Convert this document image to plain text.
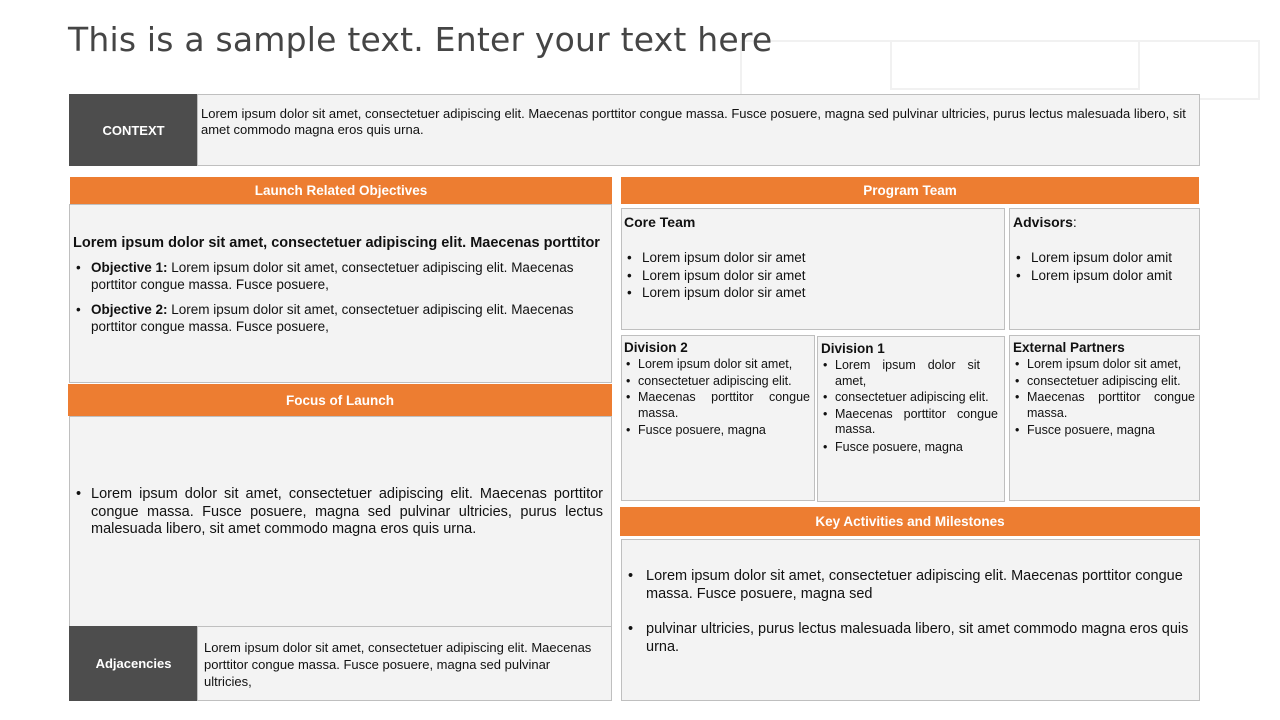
This is a sample text. Enter your text here
CONTEXT
Lorem ipsum dolor sit amet, consectetuer adipiscing elit. Maecenas porttitor congue massa. Fusce posuere, magna sed pulvinar ultricies, purus lectus malesuada libero, sit amet commodo magna eros quis urna.
Launch Related Objectives
Lorem ipsum dolor sit amet, consectetuer adipiscing elit. Maecenas porttitor
• Objective 1: Lorem ipsum dolor sit amet, consectetuer adipiscing elit. Maecenas porttitor congue massa. Fusce posuere,
• Objective 2: Lorem ipsum dolor sit amet, consectetuer adipiscing elit. Maecenas porttitor congue massa. Fusce posuere,
Focus of Launch
• Lorem ipsum dolor sit amet, consectetuer adipiscing elit. Maecenas porttitor congue massa. Fusce posuere, magna sed pulvinar ultricies, purus lectus malesuada libero, sit amet commodo magna eros quis urna.
Adjacencies
Lorem ipsum dolor sit amet, consectetuer adipiscing elit. Maecenas porttitor congue massa. Fusce posuere, magna sed pulvinar ultricies,
Program Team
Core Team
• Lorem ipsum dolor sir amet
• Lorem ipsum dolor sir amet
• Lorem ipsum dolor sir amet
Advisors:
• Lorem ipsum dolor amit
• Lorem ipsum dolor amit
Division 2
• Lorem ipsum dolor sit amet,
• consectetuer adipiscing elit.
• Maecenas porttitor congue massa.
• Fusce posuere, magna
Division 1
• Lorem ipsum dolor sit amet,
• consectetuer adipiscing elit.
• Maecenas porttitor congue massa.
• Fusce posuere, magna
External Partners
• Lorem ipsum dolor sit amet,
• consectetuer adipiscing elit.
• Maecenas porttitor congue massa.
• Fusce posuere, magna
Key Activities and Milestones
• Lorem ipsum dolor sit amet, consectetuer adipiscing elit. Maecenas porttitor congue massa. Fusce posuere, magna sed
• pulvinar ultricies, purus lectus malesuada libero, sit amet commodo magna eros quis urna.
